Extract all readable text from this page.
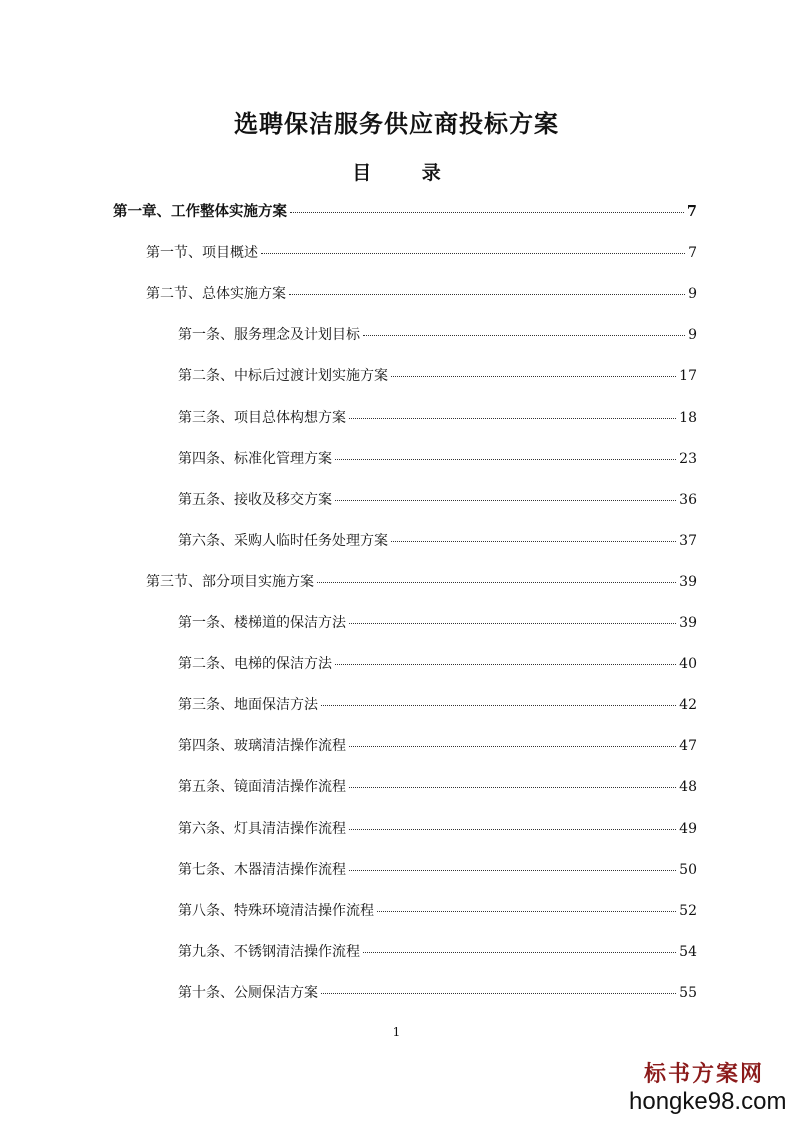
选聘保洁服务供应商投标方案
目 录
第一章、工作整体实施方案	7
第一节、项目概述	7
第二节、总体实施方案	9
第一条、服务理念及计划目标	9
第二条、中标后过渡计划实施方案	17
第三条、项目总体构想方案	18
第四条、标准化管理方案	23
第五条、接收及移交方案	36
第六条、采购人临时任务处理方案	37
第三节、部分项目实施方案	39
第一条、楼梯道的保洁方法	39
第二条、电梯的保洁方法	40
第三条、地面保洁方法	42
第四条、玻璃清洁操作流程	47
第五条、镜面清洁操作流程	48
第六条、灯具清洁操作流程	49
第七条、木器清洁操作流程	50
第八条、特殊环境清洁操作流程	52
第九条、不锈钢清洁操作流程	54
第十条、公厕保洁方案	55
1
标书方案网
hongke98.com
